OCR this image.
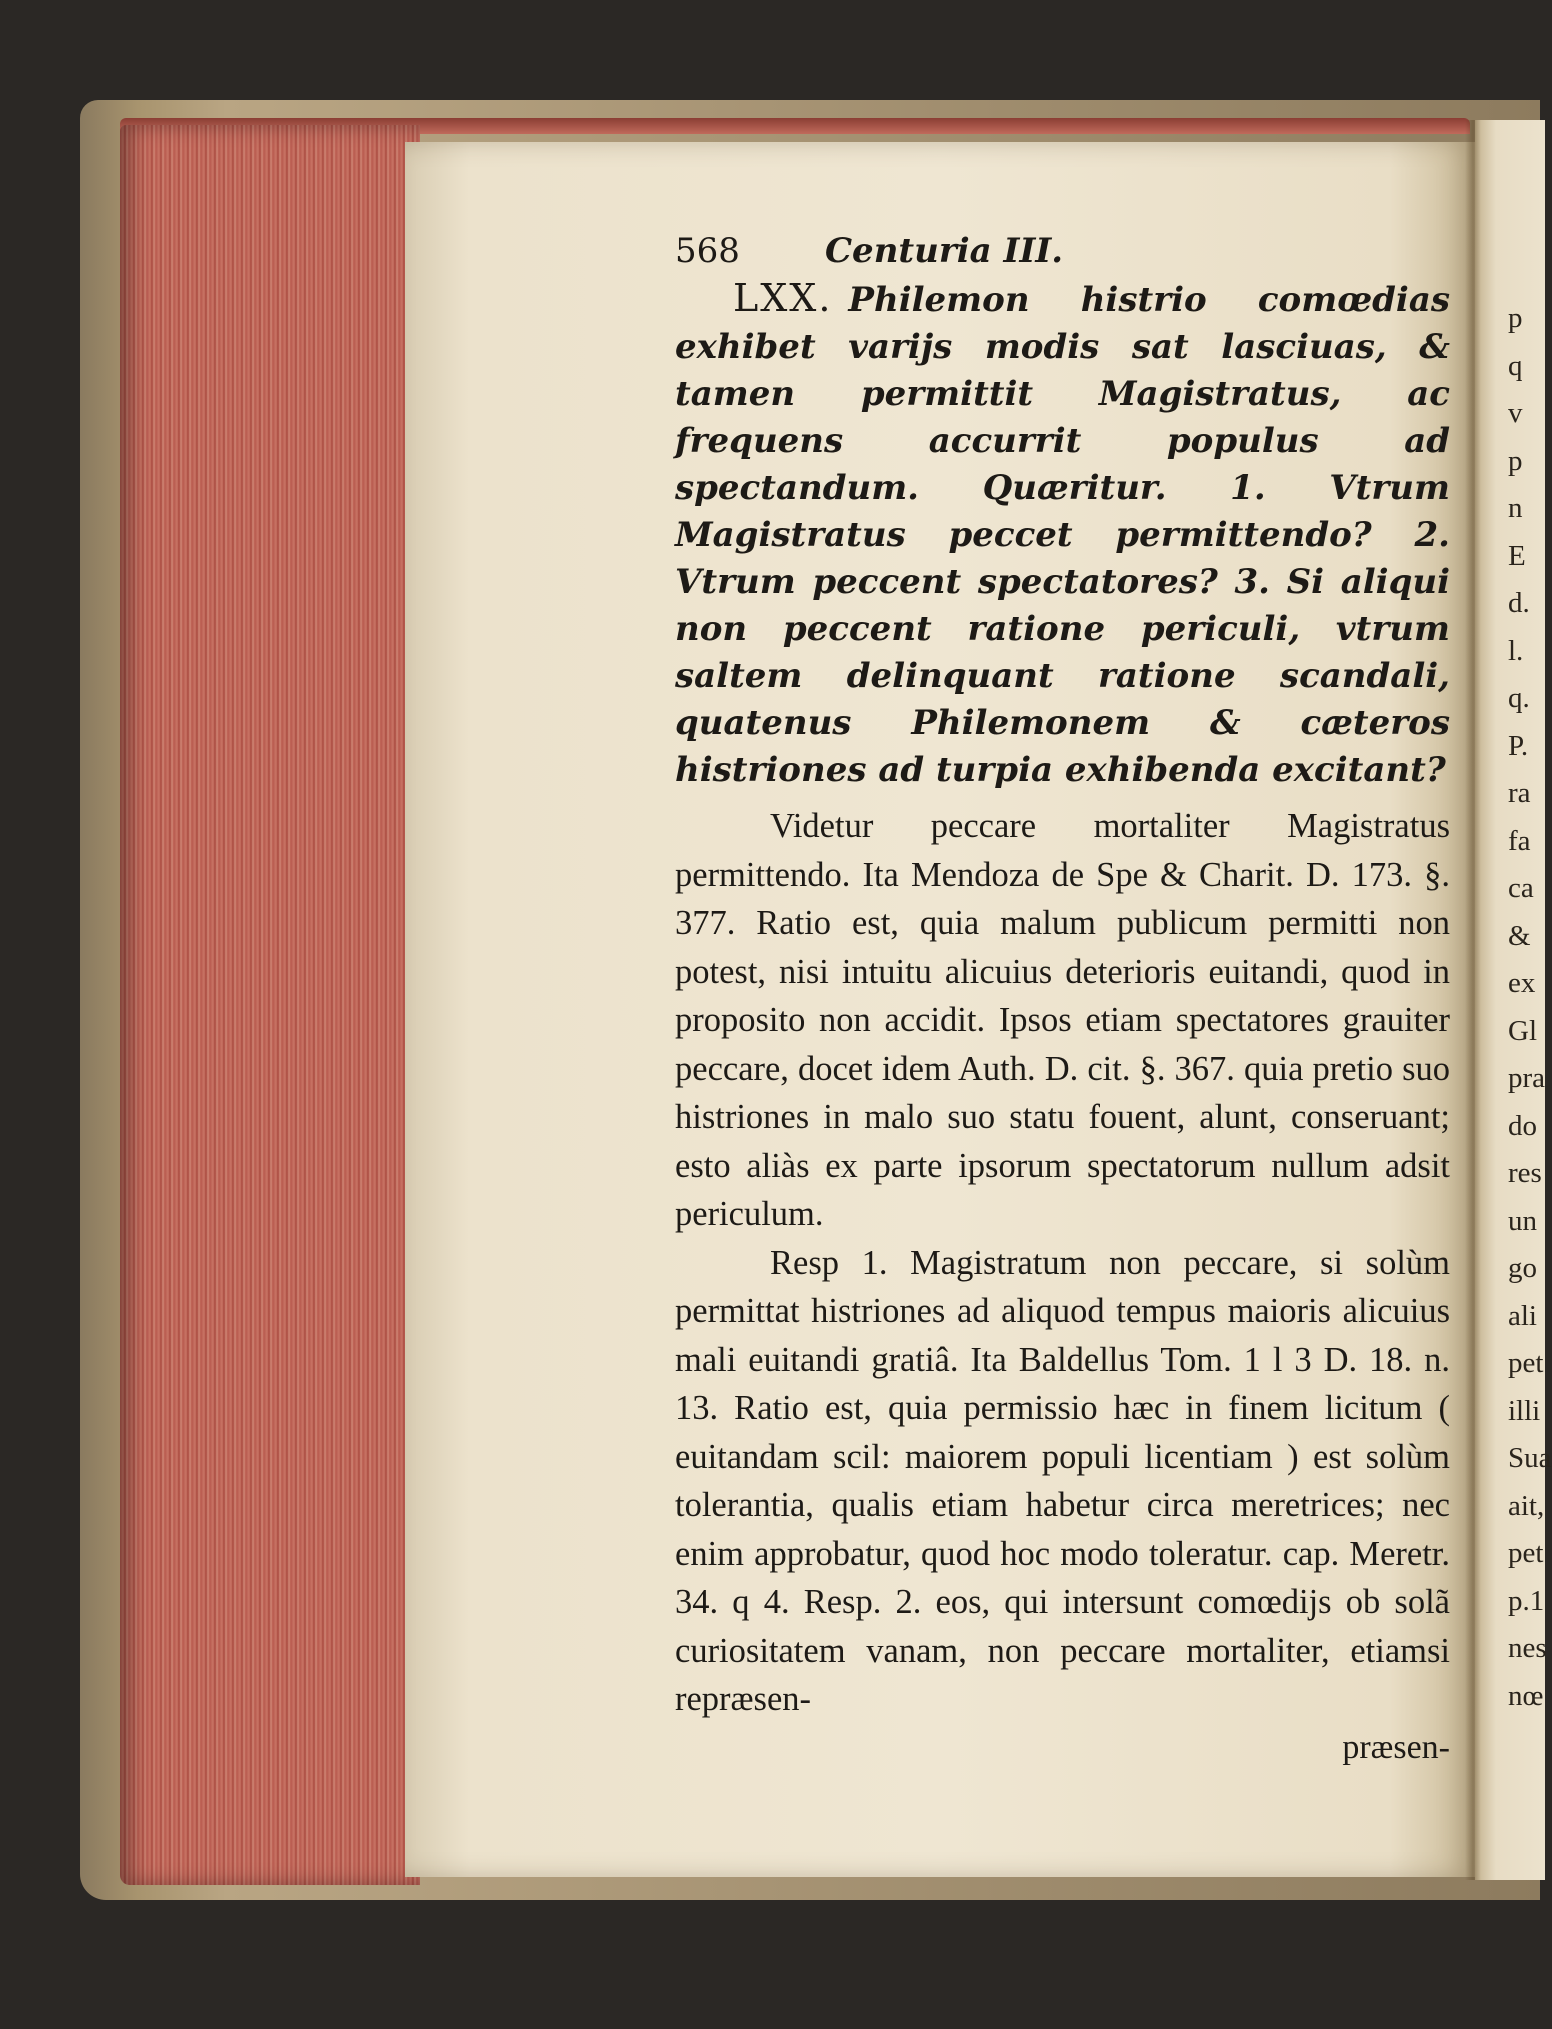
568	Centuria III.
LXX. Philemon histrio comœdias exhibet varijs modis sat lasciuas, & tamen permittit Magistratus, ac frequens accurrit populus ad spectandum. Quæritur. 1. Vtrum Magistratus peccet permittendo? 2. Vtrum peccent spectatores? 3. Si aliqui non peccent ratione periculi, vtrum saltem delinquant ratione scandali, quatenus Philemonem & cæteros histriones ad turpia exhibenda excitant?

Videtur peccare mortaliter Magistratus permittendo. Ita Mendoza de Spe & Charit. D. 173. §. 377. Ratio est, quia malum publicum permitti non potest, nisi intuitu alicuius deterioris euitandi, quod in proposito non accidit. Ipsos etiam spectatores grauiter peccare, docet idem Auth. D. cit. §. 367. quia pretio suo histriones in malo suo statu fouent, alunt, conseruant; esto aliàs ex parte ipsorum spectatorum nullum adsit periculum.

Resp 1. Magistratum non peccare, si solùm permittat histriones ad aliquod tempus maioris alicuius mali euitandi gratiâ. Ita Baldellus Tom. 1 l 3 D. 18. n. 13. Ratio est, quia permissio hæc in finem licitum ( euitandam scil: maiorem populi licentiam ) est solùm tolerantia, qualis etiam habetur circa meretrices; nec enim approbatur, quod hoc modo toleratur. cap. Meretr. 34. q 4. Resp. 2. eos, qui intersunt comœdijs ob solã curiositatem vanam, non peccare mortaliter, etiamsi repræsen-

præsen-
p
q
v
p
n
E
d.
l.
q.
P.
ra
fa
ca
&
ex
Gl
pra
do
res
un
go
ali
pet
illi
Sua
ait,
pet
p.1
nes
nœ
